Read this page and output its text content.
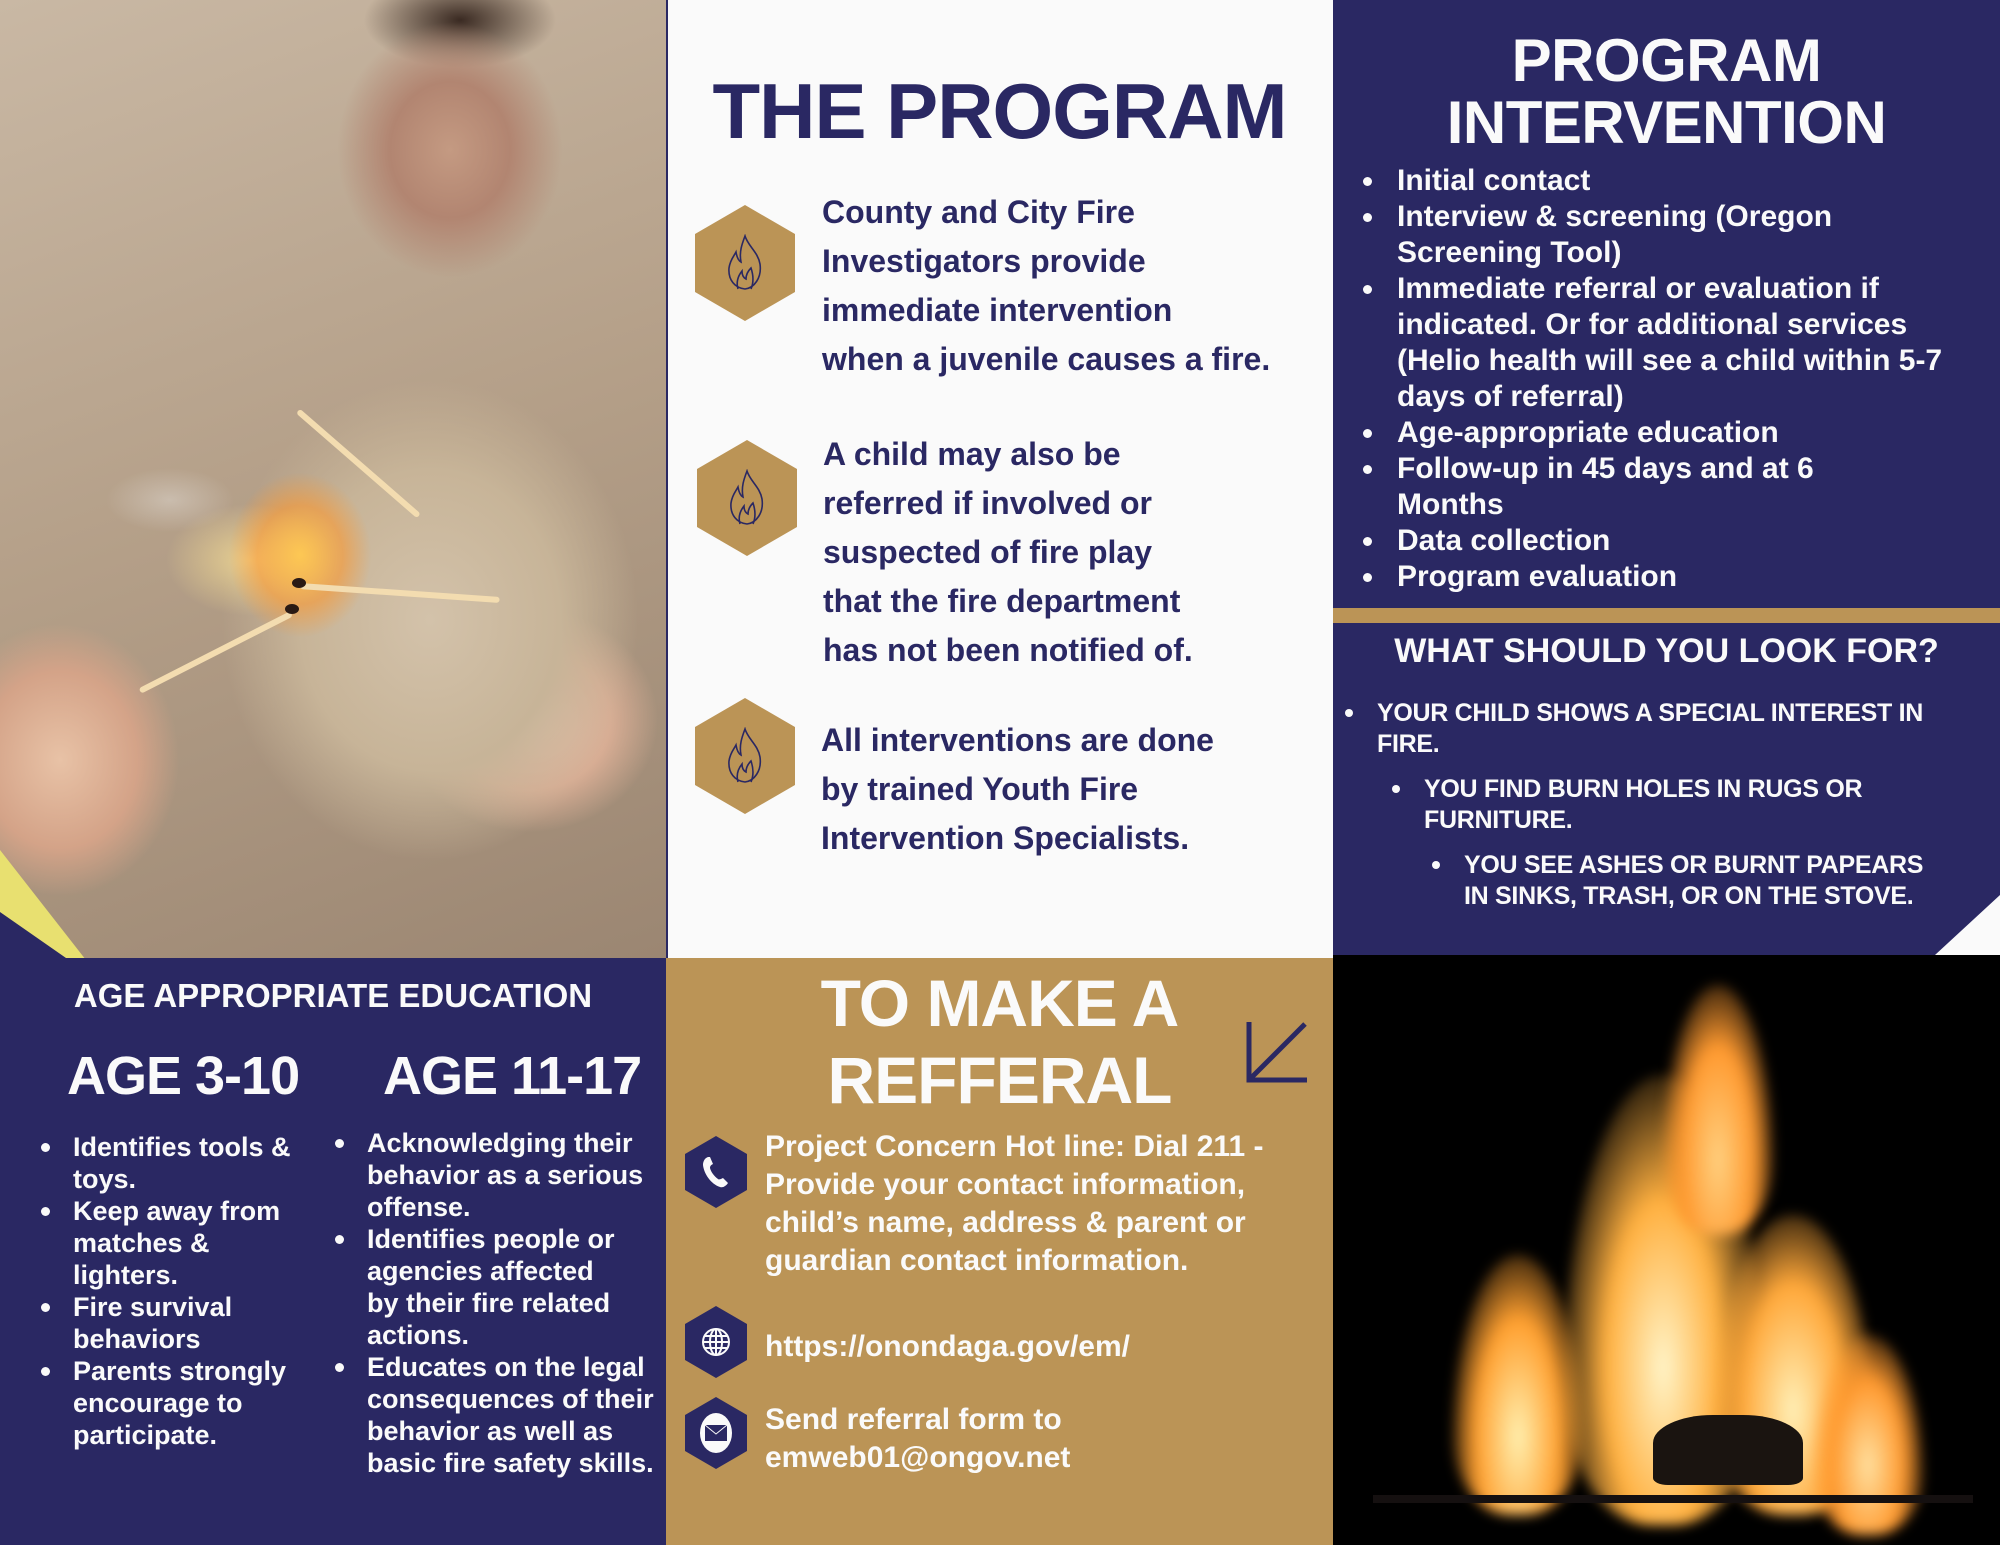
THE PROGRAM
County and City Fire
Investigators provide
immediate intervention
when a juvenile causes a fire.
A child may also be
referred if involved or
suspected of fire play
that the fire department
has not been notified of.
All interventions are done
by trained Youth Fire
Intervention Specialists.
PROGRAM
INTERVENTION
Initial contact
Interview & screening (Oregon Screening Tool)
Immediate referral or evaluation if indicated. Or for additional services (Helio health will see a child within 5-7 days of referral)
Age-appropriate education
Follow-up in 45 days and at 6 Months
Data collection
Program evaluation
WHAT SHOULD YOU LOOK FOR?
YOUR CHILD SHOWS A SPECIAL INTEREST IN FIRE.
YOU FIND BURN HOLES IN RUGS OR FURNITURE.
YOU SEE ASHES OR BURNT PAPEARS IN SINKS, TRASH, OR ON THE STOVE.
AGE APPROPRIATE EDUCATION
AGE 3-10 AGE 11-17
Identifies tools & toys.
Keep away from matches & lighters.
Fire survival behaviors
Parents strongly encourage to participate.
Acknowledging their behavior as a serious offense.
Identifies people or agencies affected by their fire related actions.
Educates on the legal consequences of their behavior as well as basic fire safety skills.
TO MAKE A
REFFERAL
Project Concern Hot line: Dial 211 - Provide your contact information, child’s name, address & parent or guardian contact information.
https://onondaga.gov/em/
Send referral form to
emweb01@ongov.net
